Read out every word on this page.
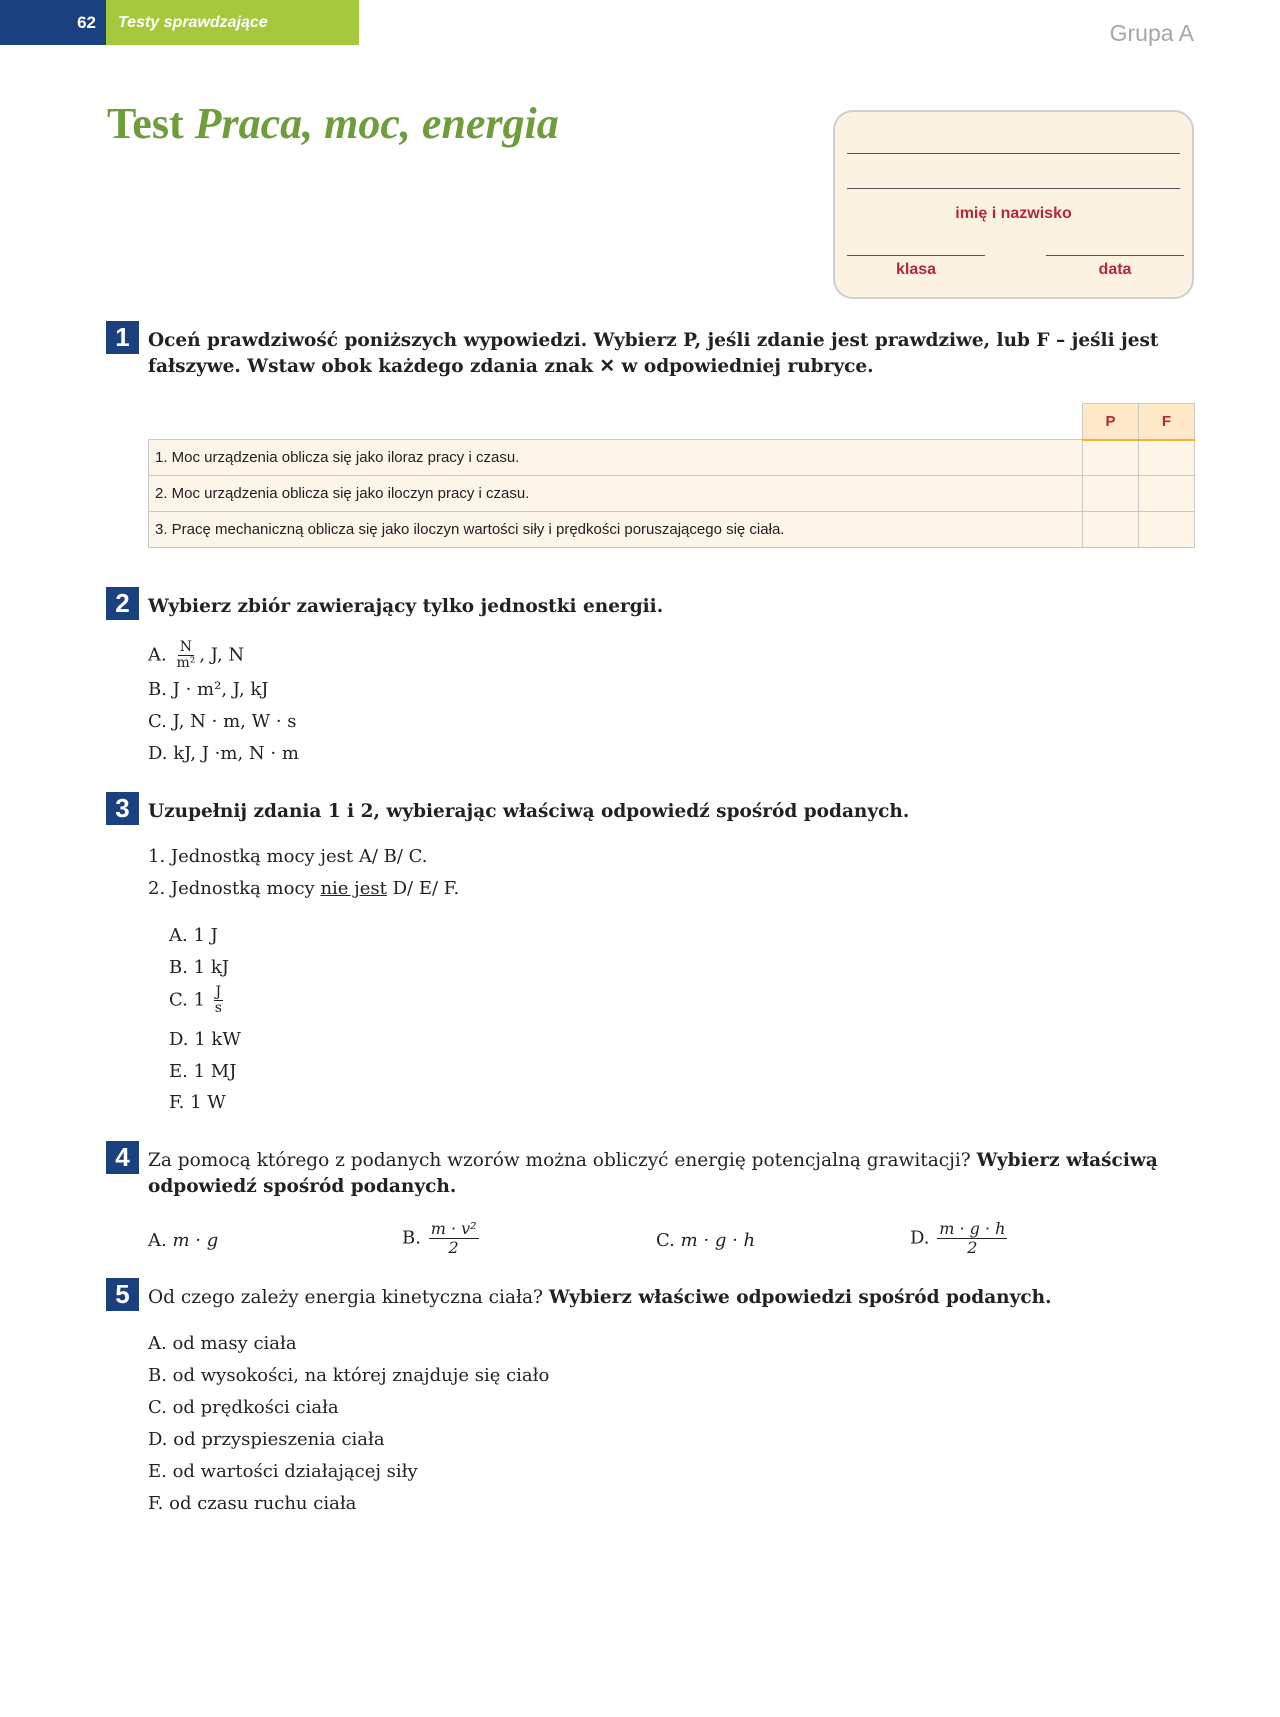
62	Testy sprawdzające	Grupa A
Test Praca, moc, energia
imię i nazwisko
klasa	data
1 Oceń prawdziwość poniższych wypowiedzi. Wybierz P, jeśli zdanie jest prawdziwe, lub F – jeśli jest fałszywe. Wstaw obok każdego zdania znak ✕ w odpowiedniej rubryce.
	P	F
1. Moc urządzenia oblicza się jako iloraz pracy i czasu.		
2. Moc urządzenia oblicza się jako iloczyn pracy i czasu.		
3. Pracę mechaniczną oblicza się jako iloczyn wartości siły i prędkości poruszającego się ciała.		
2 Wybierz zbiór zawierający tylko jednostki energii.
A. $\frac{N}{\text{m²}}$ , J, N
B. J · m², J, kJ
C. J, N · m, W · s
D. kJ, J ·m, N · m
3 Uzupełnij zdania 1 i 2, wybierając właściwą odpowiedź spośród podanych.
1. Jednostką mocy jest A/ B/ C.
2. Jednostką mocy nie jest D/ E/ F.
A. 1 J
B. 1 kJ
C. $1 \frac{J}{s}$
D. 1 kW
E. 1 MJ
F. 1 W
4 Za pomocą którego z podanych wzorów można obliczyć energię potencjalną grawitacji? Wybierz właściwą odpowiedź spośród podanych.
A. m · g	B. $\frac{\text{m · v²}}{2}$	C. m · g · h	D. $\frac{m \cdot g \cdot h}{2}$
5 Od czego zależy energia kinetyczna ciała? Wybierz właściwe odpowiedzi spośród podanych.
A. od masy ciała
B. od wysokości, na której znajduje się ciało
C. od prędkości ciała
D. od przyspieszenia ciała
E. od wartości działającej siły
F. od czasu ruchu ciała
